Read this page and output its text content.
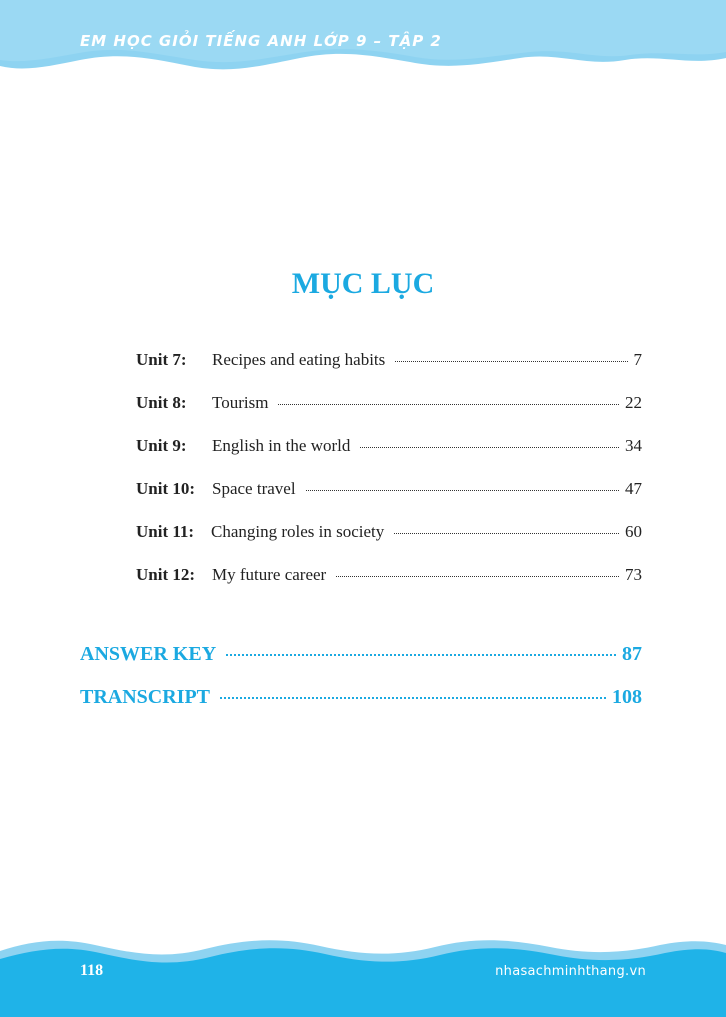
EM HỌC GIỎI TIẾNG ANH LỚP 9 – TẬP 2
MỤC LỤC
Unit 7:	Recipes and eating habits	7
Unit 8:	Tourism	22
Unit 9:	English in the world	34
Unit 10: Space travel	47
Unit 11: Changing roles in society	60
Unit 12: My future career	73
ANSWER KEY	87
TRANSCRIPT	108
118	nhasachminhthang.vn
